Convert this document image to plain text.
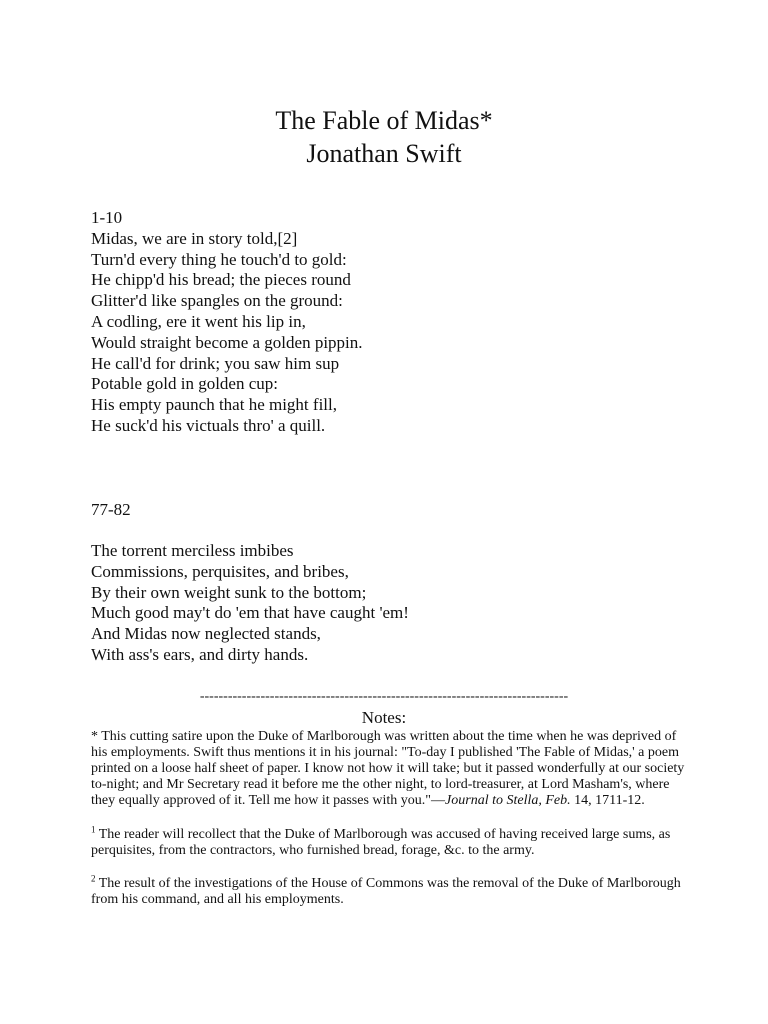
The Fable of Midas*
Jonathan Swift
1-10
Midas, we are in story told,[2]
Turn'd every thing he touch'd to gold:
He chipp'd his bread; the pieces round
Glitter'd like spangles on the ground:
A codling, ere it went his lip in,
Would straight become a golden pippin.
He call'd for drink; you saw him sup
Potable gold in golden cup:
His empty paunch that he might fill,
He suck'd his victuals thro' a quill.
77-82
The torrent merciless imbibes
Commissions, perquisites, and bribes,
By their own weight sunk to the bottom;
Much good may't do 'em that have caught 'em!
And Midas now neglected stands,
With ass's ears, and dirty hands.
-------------------------------------------------------------------------------
Notes:
* This cutting satire upon the Duke of Marlborough was written about the time when he was deprived of his employments. Swift thus mentions it in his journal: "To-day I published 'The Fable of Midas,' a poem printed on a loose half sheet of paper. I know not how it will take; but it passed wonderfully at our society to-night; and Mr Secretary read it before me the other night, to lord-treasurer, at Lord Masham's, where they equally approved of it. Tell me how it passes with you."—Journal to Stella, Feb. 14, 1711-12.
$^1$ The reader will recollect that the Duke of Marlborough was accused of having received large sums, as perquisites, from the contractors, who furnished bread, forage, &c. to the army.
$^2$ The result of the investigations of the House of Commons was the removal of the Duke of Marlborough from his command, and all his employments.
